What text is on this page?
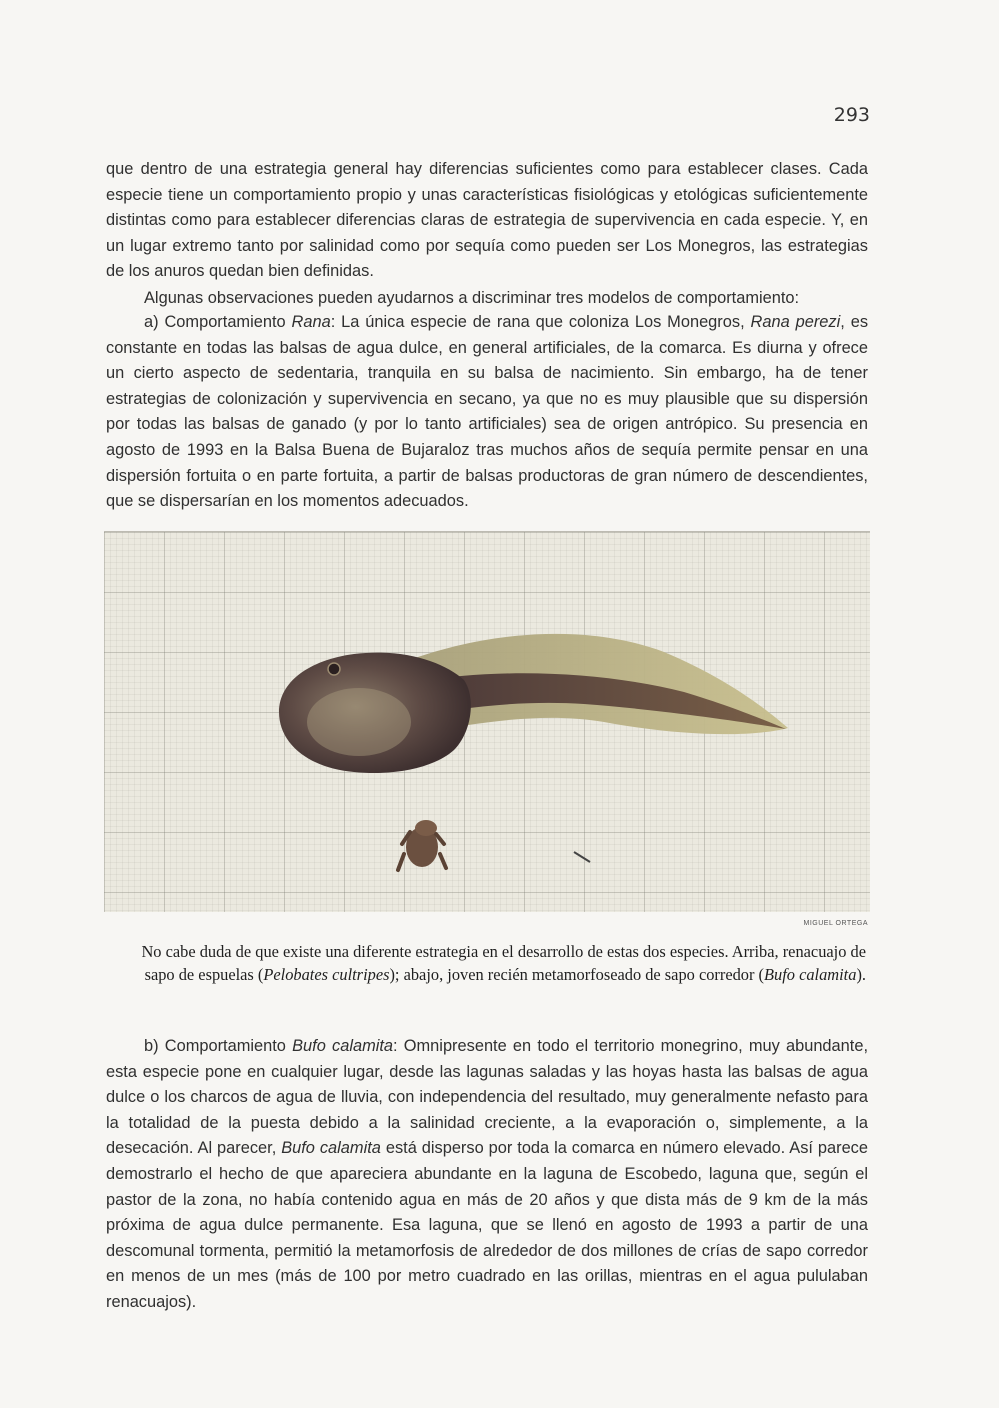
293

que dentro de una estrategia general hay diferencias suficientes como para establecer clases. Cada especie tiene un comportamiento propio y unas características fisiológicas y etológicas suficientemente distintas como para establecer diferencias claras de estrategia de supervivencia en cada especie. Y, en un lugar extremo tanto por salinidad como por sequía como pueden ser Los Monegros, las estrategias de los anuros quedan bien definidas.

Algunas observaciones pueden ayudarnos a discriminar tres modelos de comportamiento:

a) Comportamiento Rana: La única especie de rana que coloniza Los Monegros, Rana perezi, es constante en todas las balsas de agua dulce, en general artificiales, de la comarca. Es diurna y ofrece un cierto aspecto de sedentaria, tranquila en su balsa de nacimiento. Sin embargo, ha de tener estrategias de colonización y supervivencia en secano, ya que no es muy plausible que su dispersión por todas las balsas de ganado (y por lo tanto artificiales) sea de origen antrópico. Su presencia en agosto de 1993 en la Balsa Buena de Bujaraloz tras muchos años de sequía permite pensar en una dispersión fortuita o en parte fortuita, a partir de balsas productoras de gran número de descendientes, que se dispersarían en los momentos adecuados.

MIGUEL ORTEGA

No cabe duda de que existe una diferente estrategia en el desarrollo de estas dos especies. Arriba, renacuajo de sapo de espuelas (Pelobates cultripes); abajo, joven recién metamorfoseado de sapo corredor (Bufo calamita).

b) Comportamiento Bufo calamita: Omnipresente en todo el territorio monegrino, muy abundante, esta especie pone en cualquier lugar, desde las lagunas saladas y las hoyas hasta las balsas de agua dulce o los charcos de agua de lluvia, con independencia del resultado, muy generalmente nefasto para la totalidad de la puesta debido a la salinidad creciente, a la evaporación o, simplemente, a la desecación. Al parecer, Bufo calamita está disperso por toda la comarca en número elevado. Así parece demostrarlo el hecho de que apareciera abundante en la laguna de Escobedo, laguna que, según el pastor de la zona, no había contenido agua en más de 20 años y que dista más de 9 km de la más próxima de agua dulce permanente. Esa laguna, que se llenó en agosto de 1993 a partir de una descomunal tormenta, permitió la metamorfosis de alrededor de dos millones de crías de sapo corredor en menos de un mes (más de 100 por metro cuadrado en las orillas, mientras en el agua pululaban renacuajos).
